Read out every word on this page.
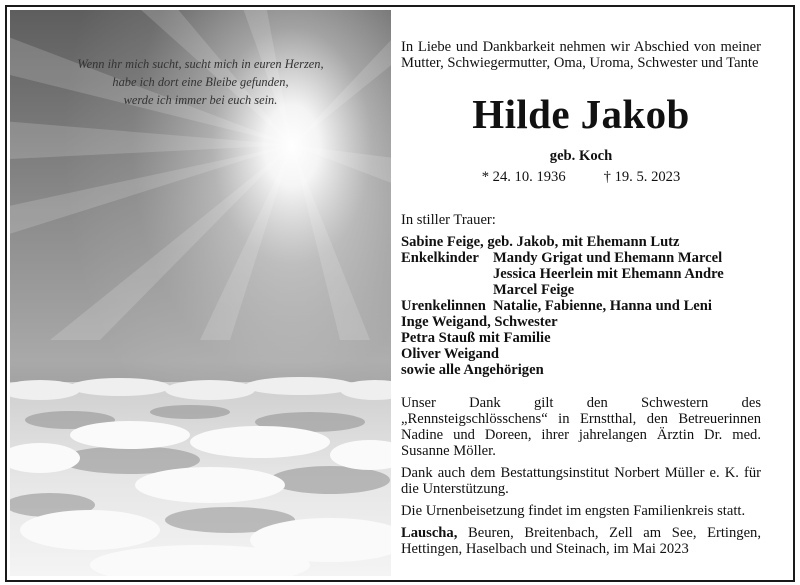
Wenn ihr mich sucht, sucht mich in euren Herzen,
habe ich dort eine Bleibe gefunden,
werde ich immer bei euch sein.
In Liebe und Dankbarkeit nehmen wir Abschied von meiner Mutter, Schwiegermutter, Oma, Uroma, Schwester und Tante
Hilde Jakob
geb. Koch
* 24. 10. 1936	† 19. 5. 2023
In stiller Trauer:
Sabine Feige, geb. Jakob, mit Ehemann Lutz
Enkelkinder Mandy Grigat und Ehemann Marcel
Jessica Heerlein mit Ehemann Andre
Marcel Feige
Urenkelinnen Natalie, Fabienne, Hanna und Leni
Inge Weigand, Schwester
Petra Stauß mit Familie
Oliver Weigand
sowie alle Angehörigen
Unser Dank gilt den Schwestern des „Rennsteigschlösschens“ in Ernstthal, den Betreuerinnen Nadine und Doreen, ihrer jahrelangen Ärztin Dr. med. Susanne Möller.
Dank auch dem Bestattungsinstitut Norbert Müller e. K. für die Unterstützung.
Die Urnenbeisetzung findet im engsten Familienkreis statt.
Lauscha, Beuren, Breitenbach, Zell am See, Ertingen, Hettingen, Haselbach und Steinach, im Mai 2023
